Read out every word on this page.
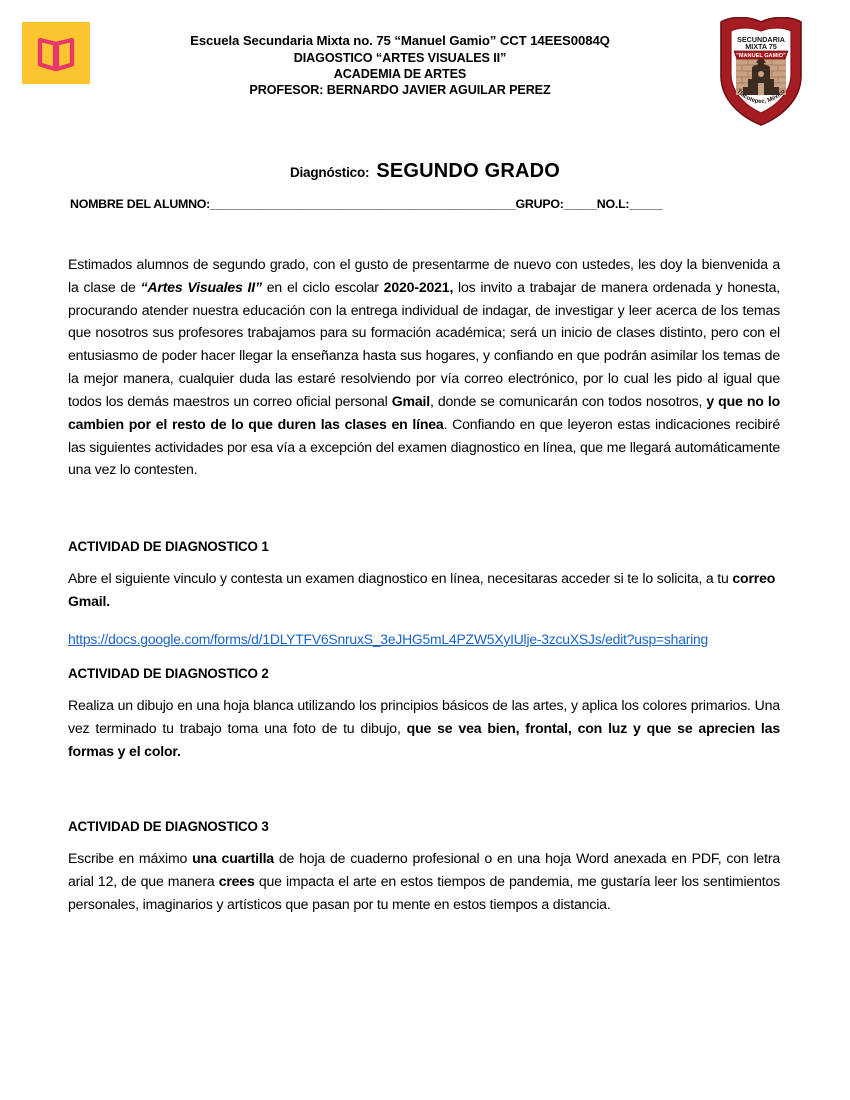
Escuela Secundaria Mixta no. 75 “Manuel Gamio” CCT 14EES0084Q
DIAGOSTICO “ARTES VISUALES II”
ACADEMIA DE ARTES
PROFESOR: BERNARDO JAVIER AGUILAR PEREZ
SECUNDARIA
MIXTA 75
"MANUEL GAMIO"
Tlacotepec, México
Diagnóstico: SEGUNDO GRADO
NOMBRE DEL ALUMNO:______________________________________________GRUPO:_____NO.L:_____

Estimados alumnos de segundo grado, con el gusto de presentarme de nuevo con ustedes, les doy la bienvenida a la clase de “Artes Visuales II” en el ciclo escolar 2020-2021, los invito a trabajar de manera ordenada y honesta, procurando atender nuestra educación con la entrega individual de indagar, de investigar y leer acerca de los temas que nosotros sus profesores trabajamos para su formación académica; será un inicio de clases distinto, pero con el entusiasmo de poder hacer llegar la enseñanza hasta sus hogares, y confiando en que podrán asimilar los temas de la mejor manera, cualquier duda las estaré resolviendo por vía correo electrónico, por lo cual les pido al igual que todos los demás maestros un correo oficial personal Gmail, donde se comunicarán con todos nosotros, y que no lo cambien por el resto de lo que duren las clases en línea. Confiando en que leyeron estas indicaciones recibiré las siguientes actividades por esa vía a excepción del examen diagnostico en línea, que me llegará automáticamente una vez lo contesten.

ACTIVIDAD DE DIAGNOSTICO 1

Abre el siguiente vinculo y contesta un examen diagnostico en línea, necesitaras acceder si te lo solicita, a tu correo Gmail.

https://docs.google.com/forms/d/1DLYTFV6SnruxS_3eJHG5mL4PZW5XyIUlje-3zcuXSJs/edit?usp=sharing
ACTIVIDAD DE DIAGNOSTICO 2

Realiza un dibujo en una hoja blanca utilizando los principios básicos de las artes, y aplica los colores primarios. Una vez terminado tu trabajo toma una foto de tu dibujo, que se vea bien, frontal, con luz y que se aprecien las formas y el color.

ACTIVIDAD DE DIAGNOSTICO 3

Escribe en máximo una cuartilla de hoja de cuaderno profesional o en una hoja Word anexada en PDF, con letra arial 12, de que manera crees que impacta el arte en estos tiempos de pandemia, me gustaría leer los sentimientos personales, imaginarios y artísticos que pasan por tu mente en estos tiempos a distancia.
